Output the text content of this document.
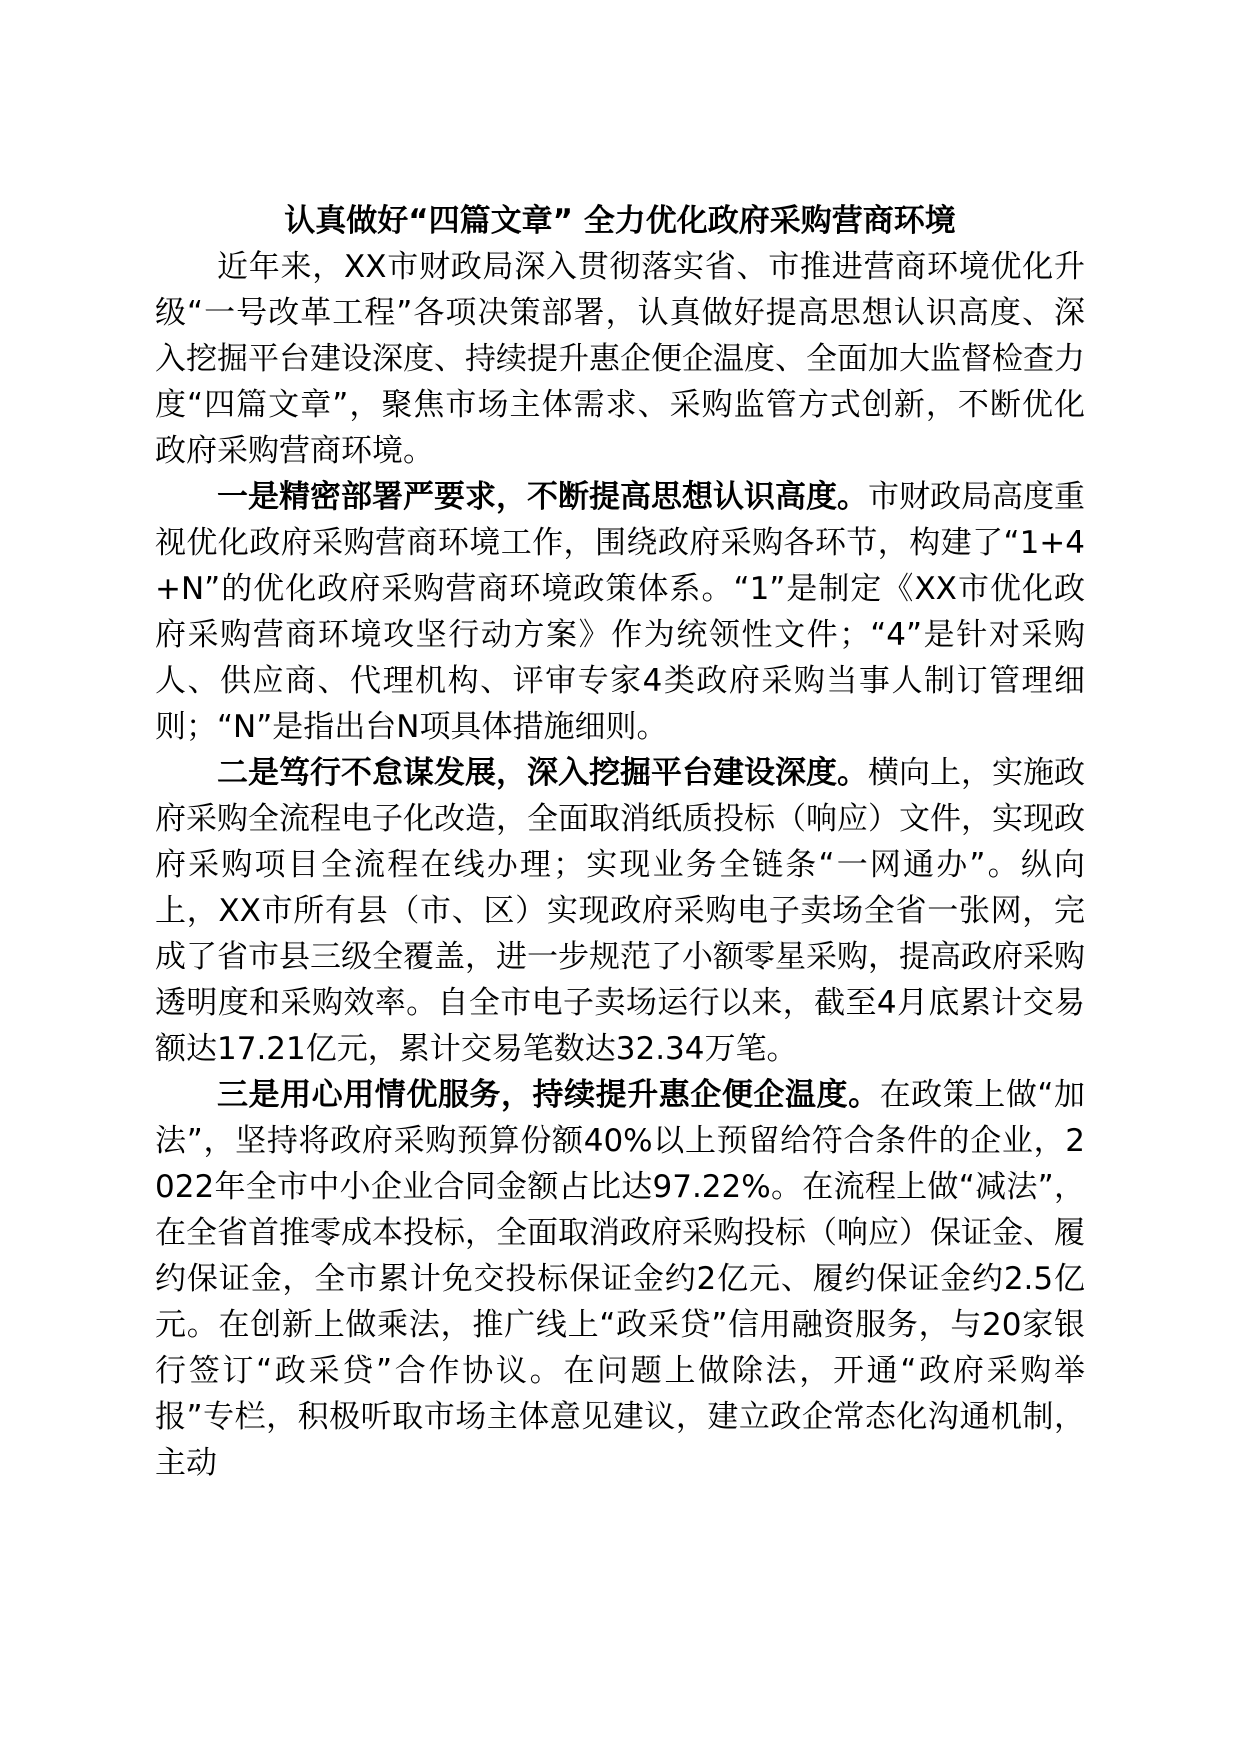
认真做好“四篇文章” 全力优化政府采购营商环境

近年来，XX市财政局深入贯彻落实省、市推进营商环境优化升级“一号改革工程”各项决策部署，认真做好提高思想认识高度、深入挖掘平台建设深度、持续提升惠企便企温度、全面加大监督检查力度“四篇文章”，聚焦市场主体需求、采购监管方式创新，不断优化政府采购营商环境。

一是精密部署严要求，不断提高思想认识高度。市财政局高度重视优化政府采购营商环境工作，围绕政府采购各环节，构建了“1+4+N”的优化政府采购营商环境政策体系。“1”是制定《XX市优化政府采购营商环境攻坚行动方案》作为统领性文件；“4”是针对采购人、供应商、代理机构、评审专家4类政府采购当事人制订管理细则；“N”是指出台N项具体措施细则。

二是笃行不怠谋发展，深入挖掘平台建设深度。横向上，实施政府采购全流程电子化改造，全面取消纸质投标（响应）文件，实现政府采购项目全流程在线办理；实现业务全链条“一网通办”。纵向上，XX市所有县（市、区）实现政府采购电子卖场全省一张网，完成了省市县三级全覆盖，进一步规范了小额零星采购，提高政府采购透明度和采购效率。自全市电子卖场运行以来，截至4月底累计交易额达17.21亿元，累计交易笔数达32.34万笔。

三是用心用情优服务，持续提升惠企便企温度。在政策上做“加法”，坚持将政府采购预算份额40%以上预留给符合条件的企业，2022年全市中小企业合同金额占比达97.22%。在流程上做“减法”，在全省首推零成本投标，全面取消政府采购投标（响应）保证金、履约保证金，全市累计免交投标保证金约2亿元、履约保证金约2.5亿元。在创新上做乘法，推广线上“政采贷”信用融资服务，与20家银行签订“政采贷”合作协议。在问题上做除法，开通“政府采购举报”专栏，积极听取市场主体意见建议，建立政企常态化沟通机制，主动
